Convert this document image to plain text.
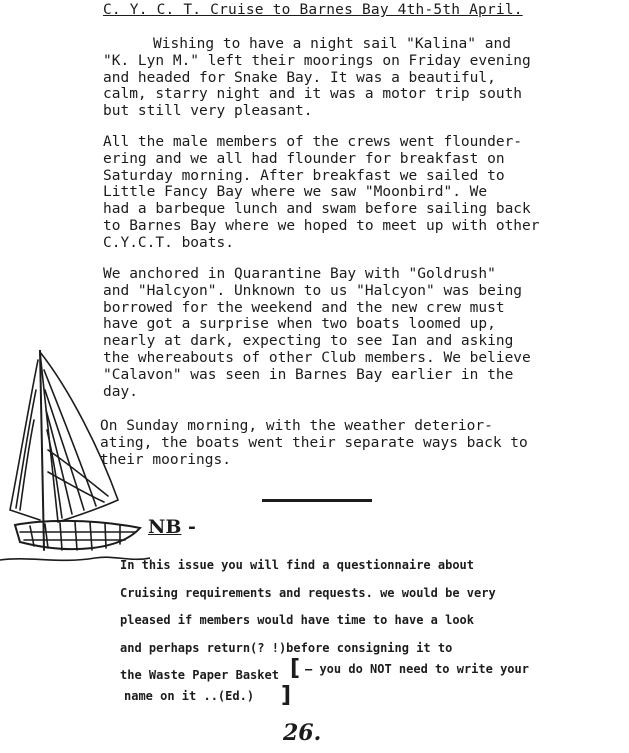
C. Y. C. T. Cruise to Barnes Bay 4th-5th April.
Wishing to have a night sail "Kalina" and
"K. Lyn M." left their moorings on Friday evening
and headed for Snake Bay. It was a beautiful,
calm, starry night and it was a motor trip south
but still very pleasant.
All the male members of the crews went flounder-
ering and we all had flounder for breakfast on
Saturday morning. After breakfast we sailed to
Little Fancy Bay where we saw "Moonbird". We
had a barbeque lunch and swam before sailing back
to Barnes Bay where we hoped to meet up with other
C.Y.C.T. boats.
We anchored in Quarantine Bay with "Goldrush"
and "Halcyon". Unknown to us "Halcyon" was being
borrowed for the weekend and the new crew must
have got a surprise when two boats loomed up,
nearly at dark, expecting to see Ian and asking
the whereabouts of other Club members. We believe
"Calavon" was seen in Barnes Bay earlier in the
day.
On Sunday morning, with the weather deterior-
ating, the boats went their separate ways back to
their moorings.
NB -
In this issue you will find a questionnaire about
Cruising requirements and requests. we would be very
pleased if members would have time to have a look
and perhaps return(? !)before consigning it to
the Waste Paper Basket [ — you do NOT need to write your
name on it ..(Ed.) ]
26.
